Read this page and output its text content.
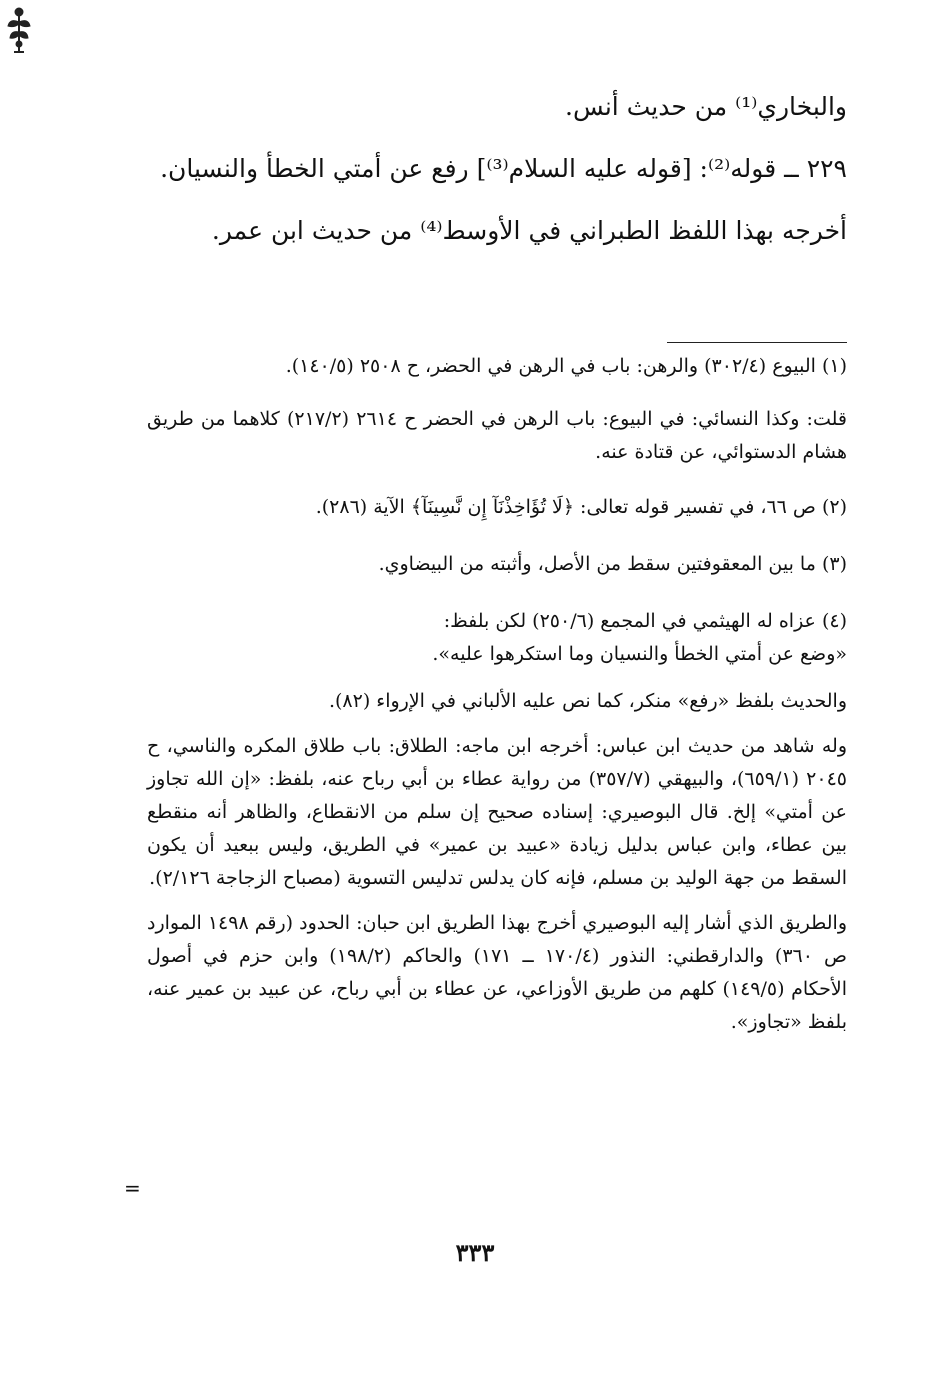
والبخاري⁽¹⁾ من حديث أنس.

٢٢٩ ــ قوله⁽²⁾: [قوله عليه السلام⁽³⁾] رفع عن أمتي الخطأ والنسيان.

أخرجه بهذا اللفظ الطبراني في الأوسط⁽⁴⁾ من حديث ابن عمر.

(١) البيوع (٣٠٢/٤) والرهن: باب في الرهن في الحضر، ح ٢٥٠٨ (١٤٠/٥).

قلت: وكذا النسائي: في البيوع: باب الرهن في الحضر ح ٢٦١٤ (٢١٧/٢) كلاهما من طريق هشام الدستوائي، عن قتادة عنه.

(٢) ص ٦٦، في تفسير قوله تعالى: ﴿لَا تُؤَاخِذْنَآ إِن نَّسِينَآ﴾ الآية (٢٨٦).

(٣) ما بين المعقوفتين سقط من الأصل، وأثبته من البيضاوي.

(٤) عزاه له الهيثمي في المجمع (٢٥٠/٦) لكن بلفظ:

«وضع عن أمتي الخطأ والنسيان وما استكرهوا عليه».

والحديث بلفظ «رفع» منكر، كما نص عليه الألباني في الإرواء (٨٢).

وله شاهد من حديث ابن عباس: أخرجه ابن ماجه: الطلاق: باب طلاق المكره والناسي، ح ٢٠٤٥ (٦٥٩/١)، والبيهقي (٣٥٧/٧) من رواية عطاء بن أبي رباح عنه، بلفظ: «إن الله تجاوز عن أمتي» إلخ. قال البوصيري: إسناده صحيح إن سلم من الانقطاع، والظاهر أنه منقطع بين عطاء، وابن عباس بدليل زيادة «عبيد بن عمير» في الطريق، وليس ببعيد أن يكون السقط من جهة الوليد بن مسلم، فإنه كان يدلس تدليس التسوية (مصباح الزجاجة ٢/١٢٦).

والطريق الذي أشار إليه البوصيري أخرج بهذا الطريق ابن حبان: الحدود (رقم ١٤٩٨ الموارد ص ٣٦٠) والدارقطني: النذور (١٧٠/٤ ــ ١٧١) والحاكم (١٩٨/٢) وابن حزم في أصول الأحكام (١٤٩/٥) كلهم من طريق الأوزاعي، عن عطاء بن أبي رباح، عن عبيد بن عمير عنه، بلفظ «تجاوز».

=
٣٣٣
